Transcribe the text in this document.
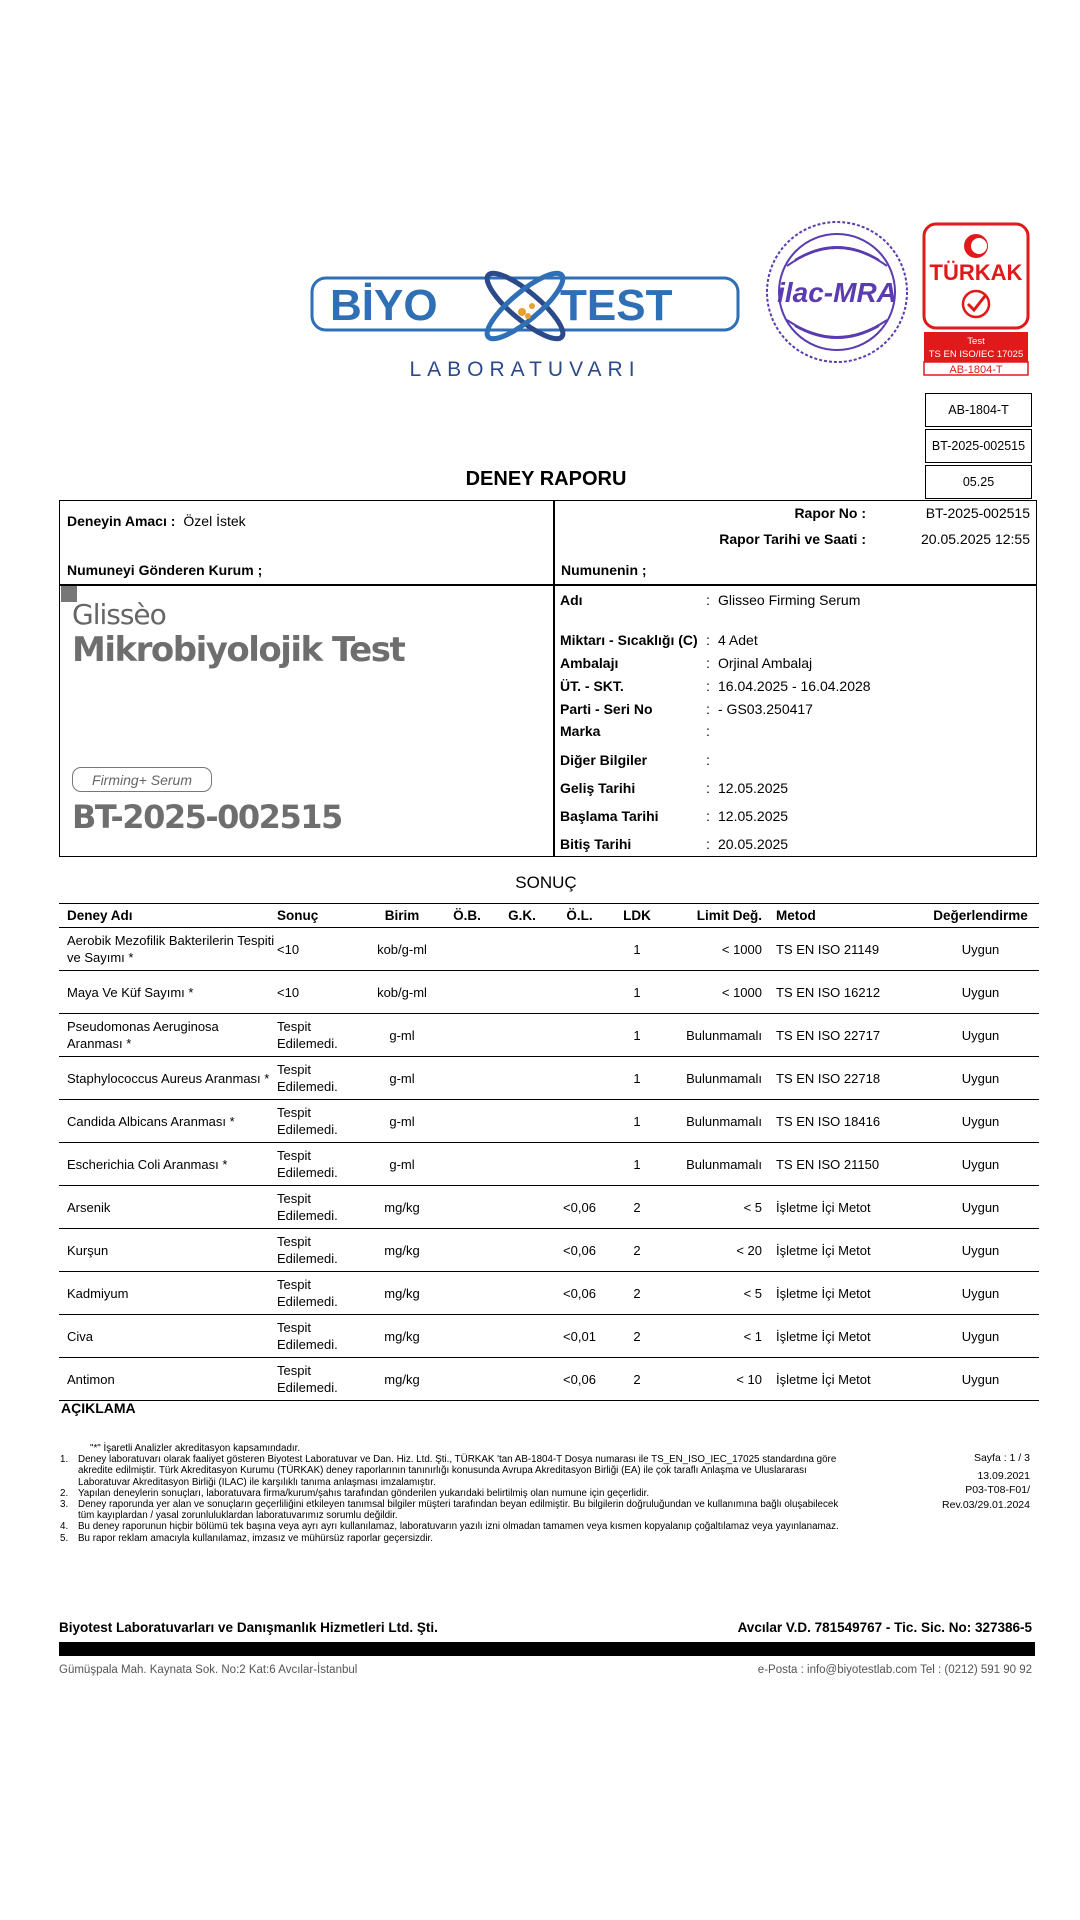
BİYO	TEST
LABORATUVARI
ilac-MRA
TÜRKAK
Test
TS EN ISO/IEC 17025
AB-1804-T
AB-1804-T
BT-2025-002515
05.25
DENEY RAPORU
Deneyin Amacı : Özel İstek
Numuneyi Gönderen Kurum ;
Rapor No :	BT-2025-002515
Rapor Tarihi ve Saati :	20.05.2025 12:55
Numunenin ;
Glissèo
Mikrobiyolojik Test
Firming+ Serum
BT-2025-002515
Adı	: Glisseo Firming Serum
Miktarı - Sıcaklığı (C) : 4 Adet
Ambalajı	: Orjinal Ambalaj
ÜT. - SKT.	: 16.04.2025 - 16.04.2028
Parti - Seri No	: - GS03.250417
Marka	:
Diğer Bilgiler	:
Geliş Tarihi	: 12.05.2025
Başlama Tarihi	: 12.05.2025
Bitiş Tarihi	: 20.05.2025
SONUÇ
Deney Adı	Sonuç	Birim	Ö.B.	G.K.	Ö.L.	LDK	Limit Değ.	Metod	Değerlendirme
Aerobik Mezofilik Bakterilerin Tespiti ve Sayımı *	<10	kob/g-ml				1	< 1000	TS EN ISO 21149	Uygun
Maya Ve Küf Sayımı *	<10	kob/g-ml				1	< 1000	TS EN ISO 16212	Uygun
Pseudomonas Aeruginosa Aranması *	Tespit Edilemedi.	g-ml				1	Bulunmamalı	TS EN ISO 22717	Uygun
Staphylococcus Aureus Aranması *	Tespit Edilemedi.	g-ml				1	Bulunmamalı	TS EN ISO 22718	Uygun
Candida Albicans Aranması *	Tespit Edilemedi.	g-ml				1	Bulunmamalı	TS EN ISO 18416	Uygun
Escherichia Coli Aranması *	Tespit Edilemedi.	g-ml				1	Bulunmamalı	TS EN ISO 21150	Uygun
Arsenik	Tespit Edilemedi.	mg/kg			<0,06	2	< 5	İşletme İçi Metot	Uygun
Kurşun	Tespit Edilemedi.	mg/kg			<0,06	2	< 20	İşletme İçi Metot	Uygun
Kadmiyum	Tespit Edilemedi.	mg/kg			<0,06	2	< 5	İşletme İçi Metot	Uygun
Civa	Tespit Edilemedi.	mg/kg			<0,01	2	< 1	İşletme İçi Metot	Uygun
Antimon	Tespit Edilemedi.	mg/kg			<0,06	2	< 10	İşletme İçi Metot	Uygun
AÇIKLAMA
"*" İşaretli Analizler akreditasyon kapsamındadır.
1.	Deney laboratuvarı olarak faaliyet gösteren Biyotest Laboratuvar ve Dan. Hiz. Ltd. Şti., TÜRKAK 'tan AB-1804-T Dosya numarası ile TS_EN_ISO_IEC_17025 standardına göre akredite edilmiştir. Türk Akreditasyon Kurumu (TÜRKAK) deney raporlarının tanınırlığı konusunda Avrupa Akreditasyon Birliği (EA) ile çok taraflı Anlaşma ve Uluslararası Laboratuvar Akreditasyon Birliği (ILAC) ile karşılıklı tanıma anlaşması imzalamıştır.
2.	Yapılan deneylerin sonuçları, laboratuvara firma/kurum/şahıs tarafından gönderilen yukarıdaki belirtilmiş olan numune için geçerlidir.
3.	Deney raporunda yer alan ve sonuçların geçerliliğini etkileyen tanımsal bilgiler müşteri tarafından beyan edilmiştir. Bu bilgilerin doğruluğundan ve kullanımına bağlı oluşabilecek tüm kayıplardan / yasal zorunluluklardan laboratuvarımız sorumlu değildir.
4.	Bu deney raporunun hiçbir bölümü tek başına veya ayrı ayrı kullanılamaz, laboratuvarın yazılı izni olmadan tamamen veya kısmen kopyalanıp çoğaltılamaz veya yayınlanamaz.
5.	Bu rapor reklam amacıyla kullanılamaz, imzasız ve mühürsüz raporlar geçersizdir.
Sayfa : 1 / 3
13.09.2021
P03-T08-F01/
Rev.03/29.01.2024
Biyotest Laboratuvarları ve Danışmanlık Hizmetleri Ltd. Şti.	Avcılar V.D. 781549767 - Tic. Sic. No: 327386-5
Gümüşpala Mah. Kaynata Sok. No:2 Kat:6 Avcılar-İstanbul	e-Posta : info@biyotestlab.com Tel : (0212) 591 90 92
